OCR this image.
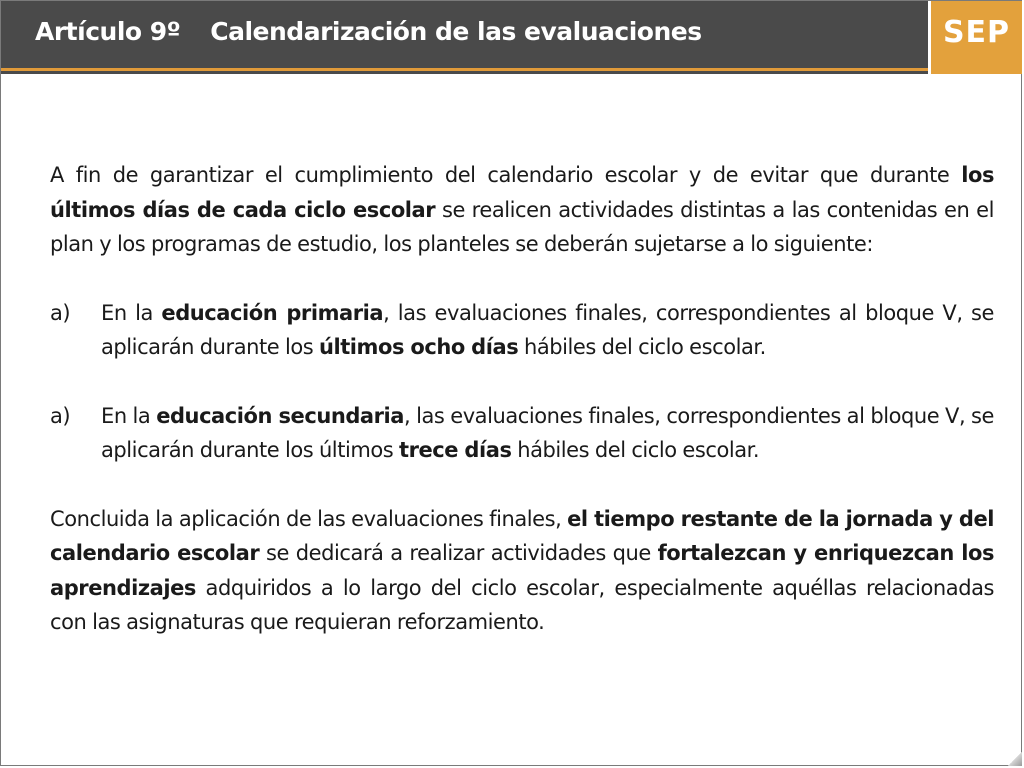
Artículo 9º Calendarización de las evaluaciones	SEP

A fin de garantizar el cumplimiento del calendario escolar y de evitar que durante los últimos días de cada ciclo escolar se realicen actividades distintas a las contenidas en el plan y los programas de estudio, los planteles se deberán sujetarse a lo siguiente:

a) En la educación primaria, las evaluaciones finales, correspondientes al bloque V, se aplicarán durante los últimos ocho días hábiles del ciclo escolar.
a) En la educación secundaria, las evaluaciones finales, correspondientes al bloque V, se aplicarán durante los últimos trece días hábiles del ciclo escolar.

Concluida la aplicación de las evaluaciones finales, el tiempo restante de la jornada y del calendario escolar se dedicará a realizar actividades que fortalezcan y enriquezcan los aprendizajes adquiridos a lo largo del ciclo escolar, especialmente aquéllas relacionadas con las asignaturas que requieran reforzamiento.
